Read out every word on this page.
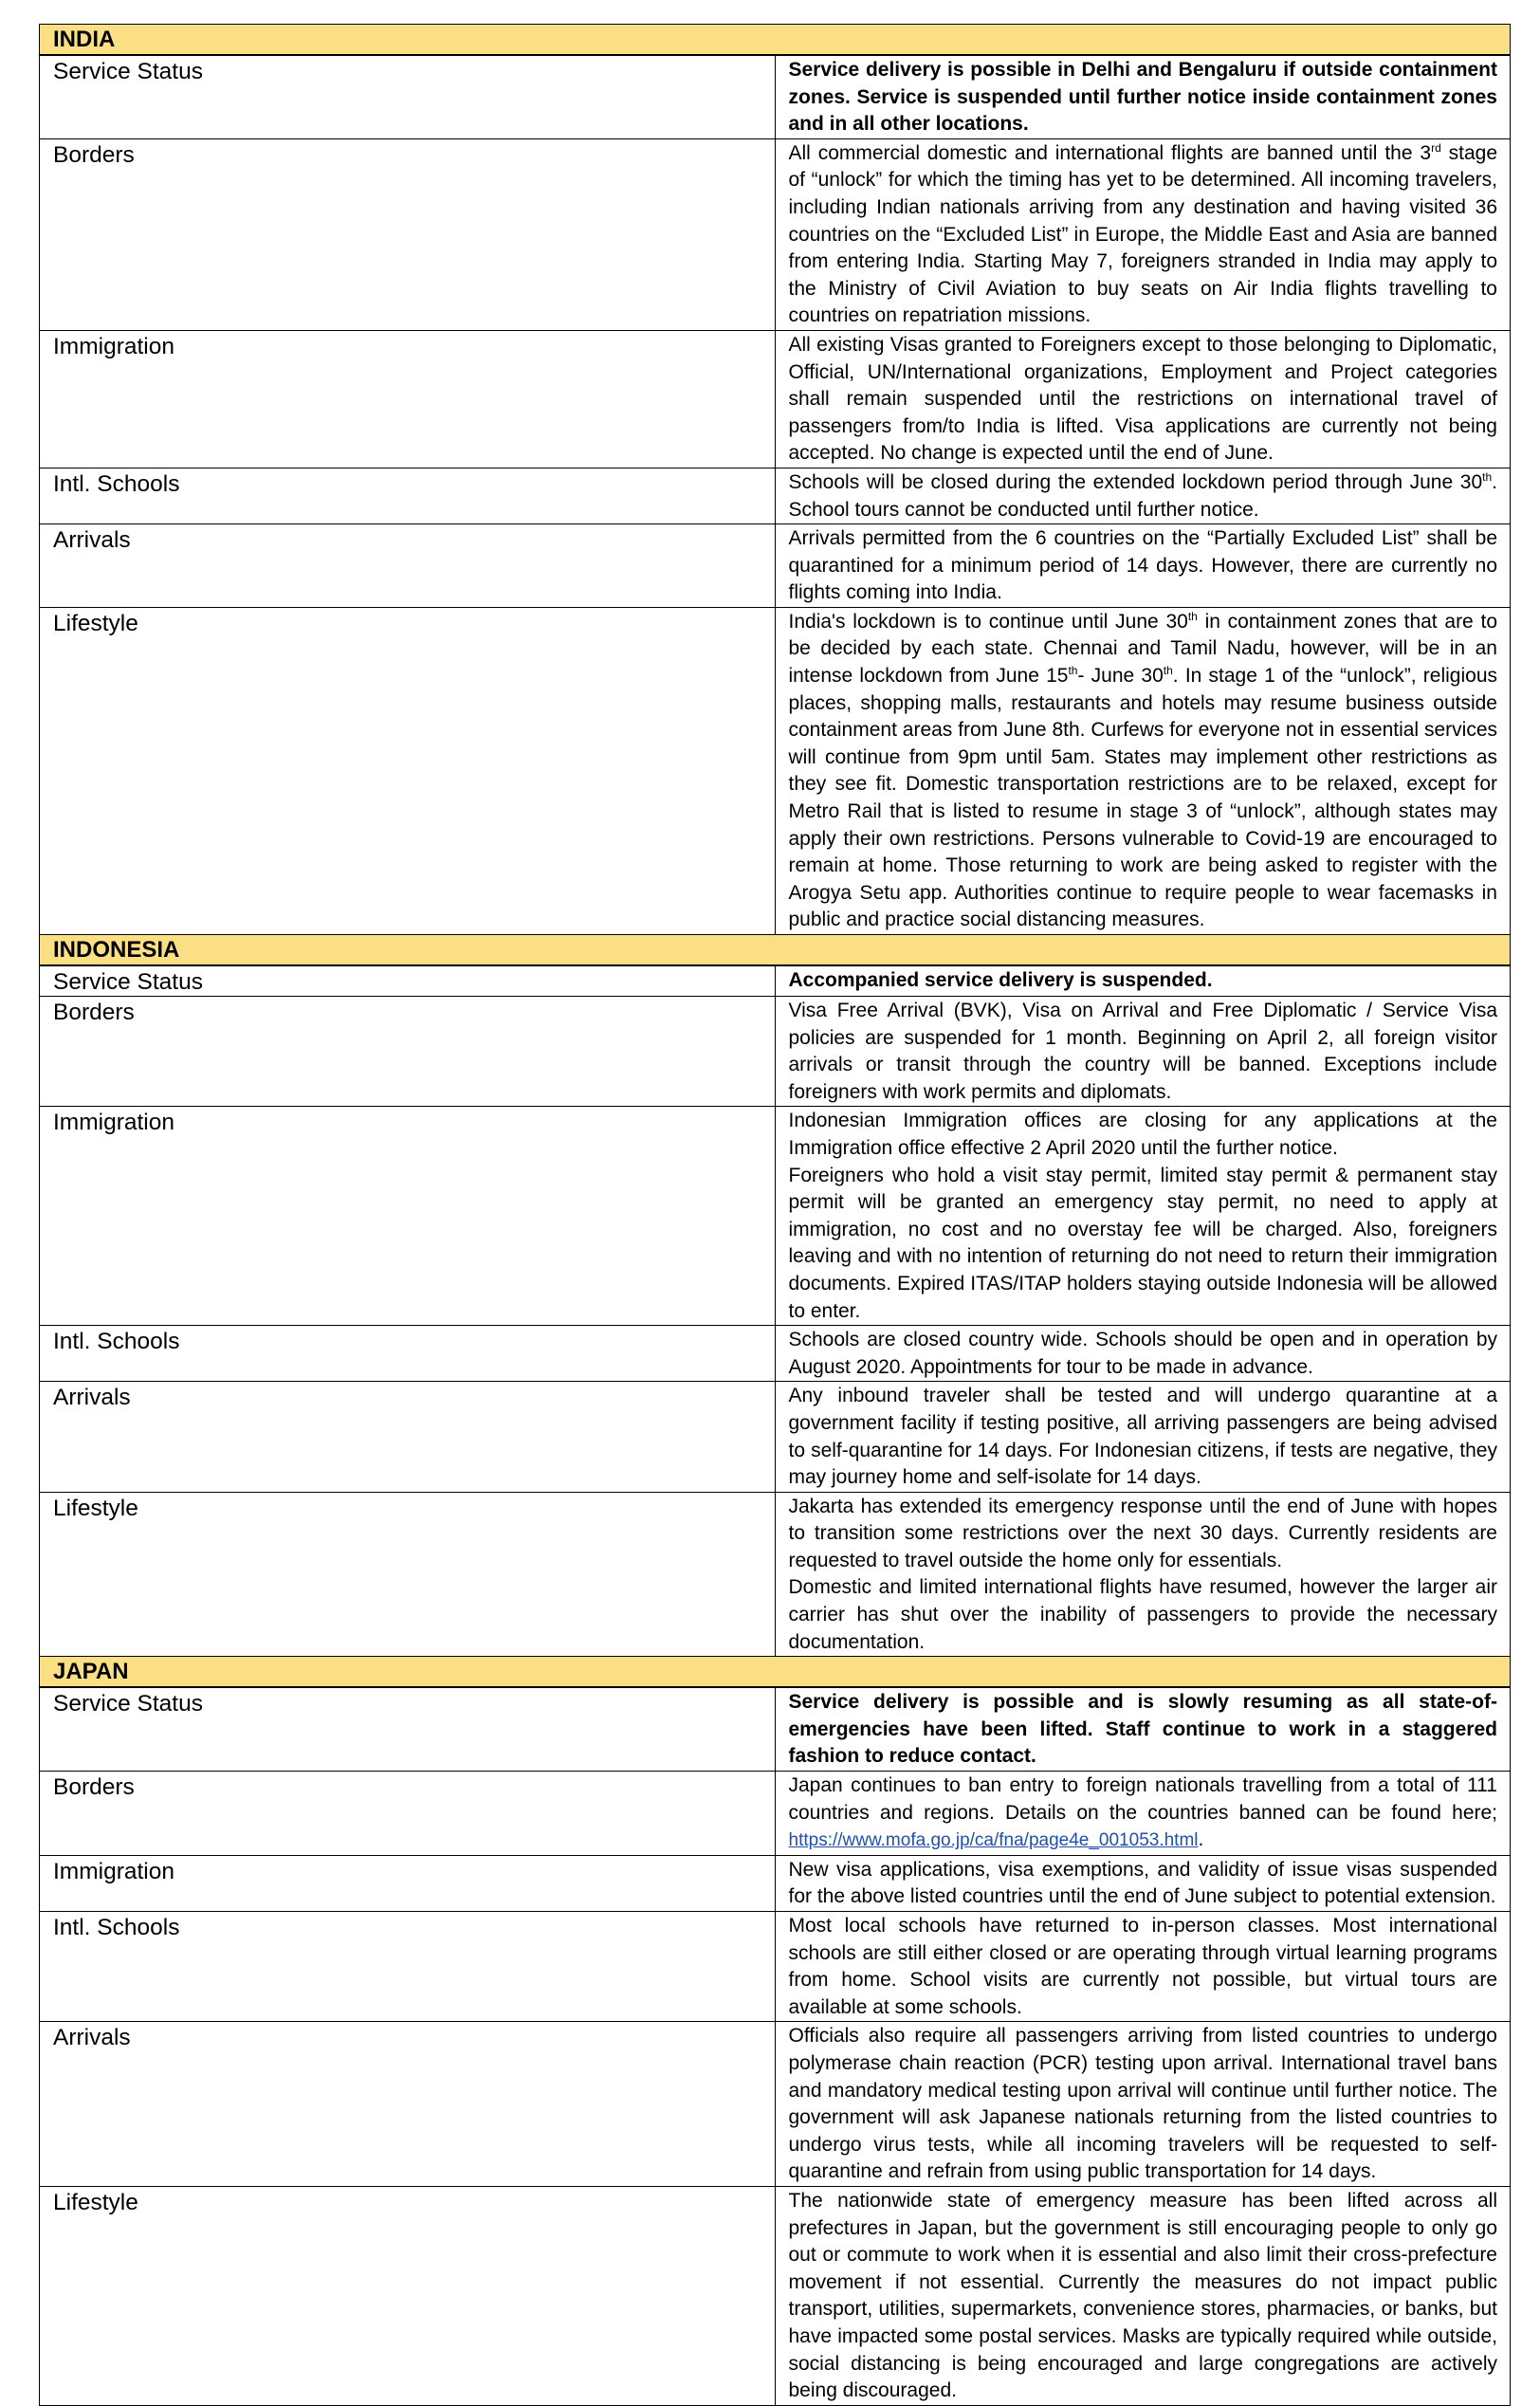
INDIA	
Service Status	Service delivery is possible in Delhi and Bengaluru if outside containment zones. Service is suspended until further notice inside containment zones and in all other locations.

Borders	All commercial domestic and international flights are banned until the 3rd stage of “unlock” for which the timing has yet to be determined. All incoming travelers, including Indian nationals arriving from any destination and having visited 36 countries on the “Excluded List” in Europe, the Middle East and Asia are banned from entering India. Starting May 7, foreigners stranded in India may apply to the Ministry of Civil Aviation to buy seats on Air India flights travelling to countries on repatriation missions.

Immigration	All existing Visas granted to Foreigners except to those belonging to Diplomatic, Official, UN/International organizations, Employment and Project categories shall remain suspended until the restrictions on international travel of passengers from/to India is lifted. Visa applications are currently not being accepted. No change is expected until the end of June.

Intl. Schools	Schools will be closed during the extended lockdown period through June 30th. School tours cannot be conducted until further notice.

Arrivals	Arrivals permitted from the 6 countries on the “Partially Excluded List” shall be quarantined for a minimum period of 14 days. However, there are currently no flights coming into India.

Lifestyle	India's lockdown is to continue until June 30th in containment zones that are to be decided by each state. Chennai and Tamil Nadu, however, will be in an intense lockdown from June 15th- June 30th. In stage 1 of the “unlock”, religious places, shopping malls, restaurants and hotels may resume business outside containment areas from June 8th. Curfews for everyone not in essential services will continue from 9pm until 5am. States may implement other restrictions as they see fit. Domestic transportation restrictions are to be relaxed, except for Metro Rail that is listed to resume in stage 3 of “unlock”, although states may apply their own restrictions. Persons vulnerable to Covid-19 are encouraged to remain at home. Those returning to work are being asked to register with the Arogya Setu app. Authorities continue to require people to wear facemasks in public and practice social distancing measures.

INDONESIA	
Service Status	Accompanied service delivery is suspended.

Borders	Visa Free Arrival (BVK), Visa on Arrival and Free Diplomatic / Service Visa policies are suspended for 1 month. Beginning on April 2, all foreign visitor arrivals or transit through the country will be banned. Exceptions include foreigners with work permits and diplomats.

Immigration	Indonesian Immigration offices are closing for any applications at the Immigration office effective 2 April 2020 until the further notice.
Foreigners who hold a visit stay permit, limited stay permit & permanent stay permit will be granted an emergency stay permit, no need to apply at immigration, no cost and no overstay fee will be charged. Also, foreigners leaving and with no intention of returning do not need to return their immigration documents. Expired ITAS/ITAP holders staying outside Indonesia will be allowed to enter.

Intl. Schools	Schools are closed country wide. Schools should be open and in operation by August 2020. Appointments for tour to be made in advance.

Arrivals	Any inbound traveler shall be tested and will undergo quarantine at a government facility if testing positive, all arriving passengers are being advised to self-quarantine for 14 days. For Indonesian citizens, if tests are negative, they may journey home and self-isolate for 14 days.

Lifestyle	Jakarta has extended its emergency response until the end of June with hopes to transition some restrictions over the next 30 days. Currently residents are requested to travel outside the home only for essentials.
Domestic and limited international flights have resumed, however the larger air carrier has shut over the inability of passengers to provide the necessary documentation.

JAPAN	
Service Status	Service delivery is possible and is slowly resuming as all state-of-emergencies have been lifted. Staff continue to work in a staggered fashion to reduce contact.

Borders	Japan continues to ban entry to foreign nationals travelling from a total of 111 countries and regions. Details on the countries banned can be found here; https://www.mofa.go.jp/ca/fna/page4e_001053.html.

Immigration	New visa applications, visa exemptions, and validity of issue visas suspended for the above listed countries until the end of June subject to potential extension.

Intl. Schools	Most local schools have returned to in-person classes. Most international schools are still either closed or are operating through virtual learning programs from home. School visits are currently not possible, but virtual tours are available at some schools.

Arrivals	Officials also require all passengers arriving from listed countries to undergo polymerase chain reaction (PCR) testing upon arrival. International travel bans and mandatory medical testing upon arrival will continue until further notice. The government will ask Japanese nationals returning from the listed countries to undergo virus tests, while all incoming travelers will be requested to self-quarantine and refrain from using public transportation for 14 days.

Lifestyle	The nationwide state of emergency measure has been lifted across all prefectures in Japan, but the government is still encouraging people to only go out or commute to work when it is essential and also limit their cross-prefecture movement if not essential. Currently the measures do not impact public transport, utilities, supermarkets, convenience stores, pharmacies, or banks, but have impacted some postal services. Masks are typically required while outside, social distancing is being encouraged and large congregations are actively being discouraged.
